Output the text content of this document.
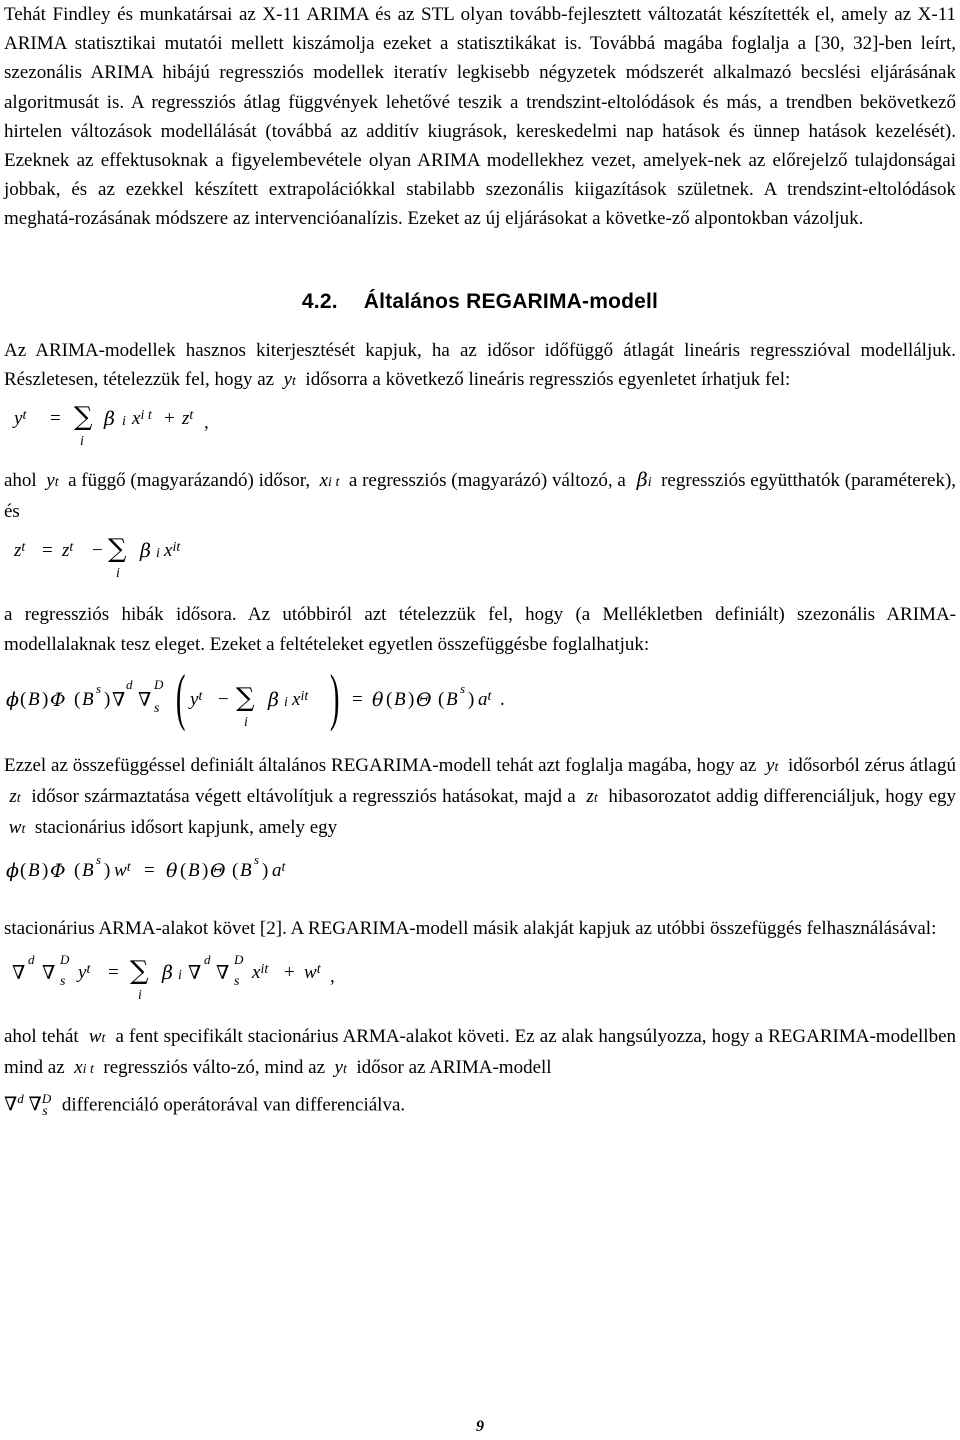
Tehát Findley és munkatársai az X-11 ARIMA és az STL olyan tovább-fejlesztett változatát készítették el, amely az X-11 ARIMA statisztikai mutatói mellett kiszámolja ezeket a statisztikákat is. Továbbá magába foglalja a [30, 32]-ben leírt, szezonális ARIMA hibájú regressziós modellek iteratív legkisebb négyzetek módszerét alkalmazó becslési eljárásának algoritmusát is. A regressziós átlag függvények lehetővé teszik a trendszint-eltolódások és más, a trendben bekövetkező hirtelen változások modellálását (továbbá az additív kiugrások, kereskedelmi nap hatások és ünnep hatások kezelését). Ezeknek az effektusoknak a figyelembevétele olyan ARIMA modellekhez vezet, amelyek-nek az előrejelző tulajdonságai jobbak, és az ezekkel készített extrapolációkkal stabilabb szezonális kiigazítások születnek. A trendszint-eltolódások meghatá-rozásának módszere az intervencióanalízis. Ezeket az új eljárásokat a követke-ző alpontokban vázoljuk.

4.2. Általános REGARIMA-modell

Az ARIMA-modellek hasznos kiterjesztését kapjuk, ha az idősor időfüggő átlagát lineáris regresszióval modelláljuk. Részletesen, tételezzük fel, hogy az  yt idősorra a következő lineáris regressziós egyenletet írhatjuk fel:

y t = ∑
i
β i x i t + z t ,

ahol  yt a függő (magyarázandó) idősor,  xi t a regressziós (magyarázó) változó, a  βi regressziós együtthatók (paraméterek), és

z t = z t − ∑
i
β i x it

a regressziós hibák idősora. Az utóbbiról azt tételezzük fel, hogy (a Mellékletben definiált) szezonális ARIMA-modellalaknak tesz eleget. Ezeket a feltételeket egyetlen összefüggésbe foglalhatjuk:

ϕ ( B ) Φ ( B
s
) ∇
d
∇
D
s ( y t − ∑
i
β i x it ) = θ ( B ) Θ ( B
s
) a t .

Ezzel az összefüggéssel definiált általános REGARIMA-modell tehát azt foglalja magába, hogy az  yt idősorból zérus átlagú  zt idősor származtatása végett eltávolítjuk a regressziós hatásokat, majd a  zt hibasorozatot addig differenciáljuk, hogy egy  wt stacionárius idősort kapjunk, amely egy

ϕ ( B ) Φ ( B
s
) w t = θ ( B ) Θ ( B
s
) a t

stacionárius ARMA-alakot követ [2]. A REGARIMA-modell másik alakját kapjuk az utóbbi összefüggés felhasználásával:

∇
d
∇
D
s y t = ∑
i
β i ∇
d
∇
D
s x it + w t ,

ahol tehát  wt a fent specifikált stacionárius ARMA-alakot követi. Ez az alak hangsúlyozza, hogy a REGARIMA-modellben mind az  xi t regressziós válto-zó, mind az  yt idősor az ARIMA-modell
∇$^d$ ∇$^D_s$ differenciáló operátorával van differenciálva.

9
